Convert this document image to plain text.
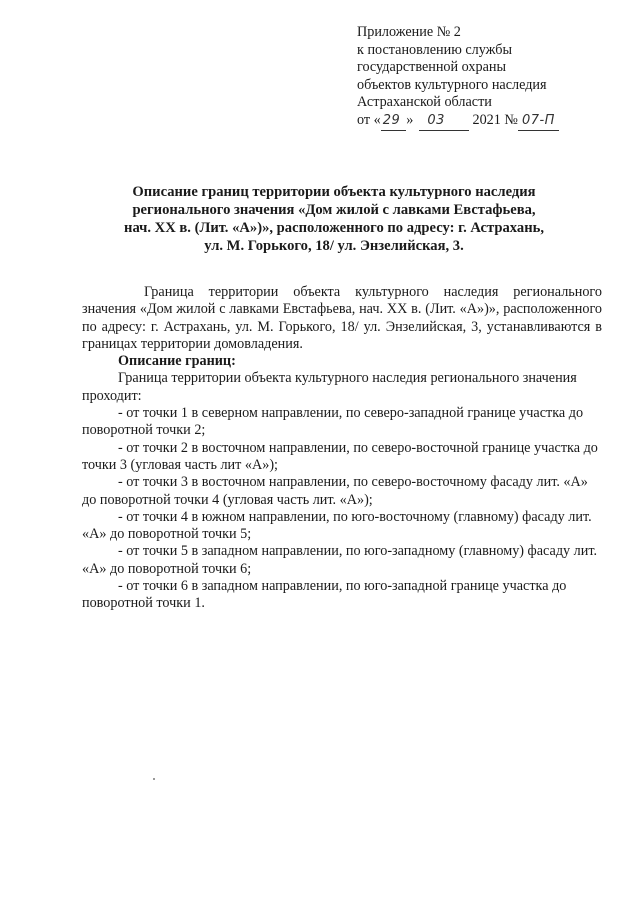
Приложение № 2
к постановлению службы
государственной охраны
объектов культурного наследия
Астраханской области
от « 29 » 03 2021 № 07-П
Описание границ территории объекта культурного наследия
регионального значения «Дом жилой с лавками Евстафьева,
нач. XX в. (Лит. «А»)», расположенного по адресу: г. Астрахань,
ул. М. Горького, 18/ ул. Энзелийская, 3.

Граница территории объекта культурного наследия регионального значения «Дом жилой с лавками Евстафьева, нач. XX в. (Лит. «А»)», расположенного по адресу: г. Астрахань, ул. М. Горького, 18/ ул. Энзелийская, 3, устанавливаются в границах территории домовладения.

Описание границ:

Граница территории объекта культурного наследия регионального значения проходит:

- от точки 1 в северном направлении, по северо-западной границе участка до поворотной точки 2;

- от точки 2 в восточном направлении, по северо-восточной границе участка до точки 3 (угловая часть лит «А»);

- от точки 3 в восточном направлении, по северо-восточному фасаду лит. «А» до поворотной точки 4 (угловая часть лит. «А»);

- от точки 4 в южном направлении, по юго-восточному (главному) фасаду лит. «А» до поворотной точки 5;

- от точки 5 в западном направлении, по юго-западному (главному) фасаду лит. «А» до поворотной точки 6;

- от точки 6 в западном направлении, по юго-западной границе участка до поворотной точки 1.
